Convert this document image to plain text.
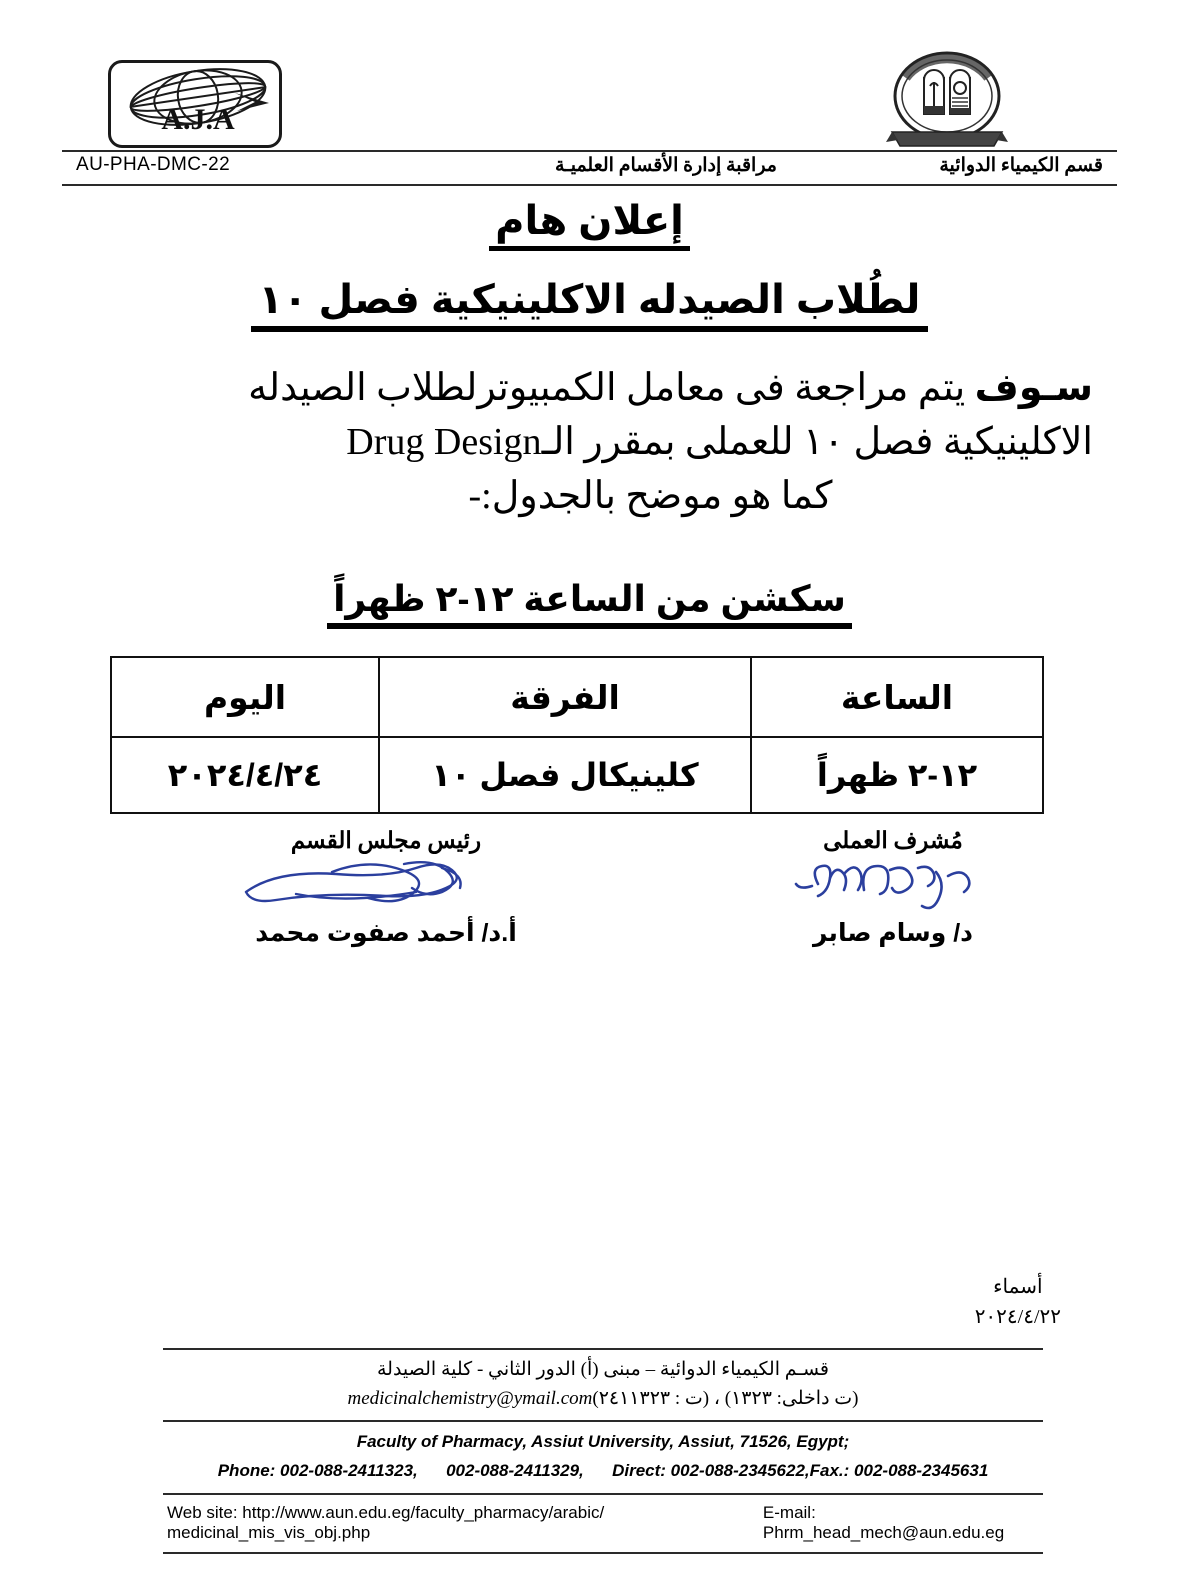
A.J.A
قسم الكيمياء الدوائية
مراقبة إدارة الأقسام العلميـة
AU-PHA-DMC-22
إعلان هام
لطُلاب الصيدله الاكلينيكية فصل ١٠
سـوف يتم مراجعة فى معامل الكمبيوترلطلاب الصيدله
الاكلينيكية فصل ١٠ للعملى بمقرر الـDrug Design
كما هو موضح بالجدول:-
سكشن من الساعة ١٢-٢ ظهراً
الساعة	الفرقة	اليوم
١٢-٢ ظهراً	كلينيكال فصل ١٠	٢٠٢٤/٤/٢٤
مُشرف العملى
د/ وسام صابر
رئيس مجلس القسم
أ.د/ أحمد صفوت محمد
أسماء
٢٠٢٤/٤/٢٢
قسـم الكيمياء الدوائية – مبنى (أ) الدور الثاني - كلية الصيدلة
(ت داخلى: ١٣٢٣) ، (ت : ٢٤١١٣٢٣)medicinalchemistry@ymail.com
Faculty of Pharmacy, Assiut University, Assiut, 71526, Egypt;
Phone: 002-088-2411323,      002-088-2411329,      Direct: 002-088-2345622,Fax.: 002-088-2345631
Web site: http://www.aun.edu.eg/faculty_pharmacy/arabic/ medicinal_mis_vis_obj.php
E-mail: Phrm_head_mech@aun.edu.eg
